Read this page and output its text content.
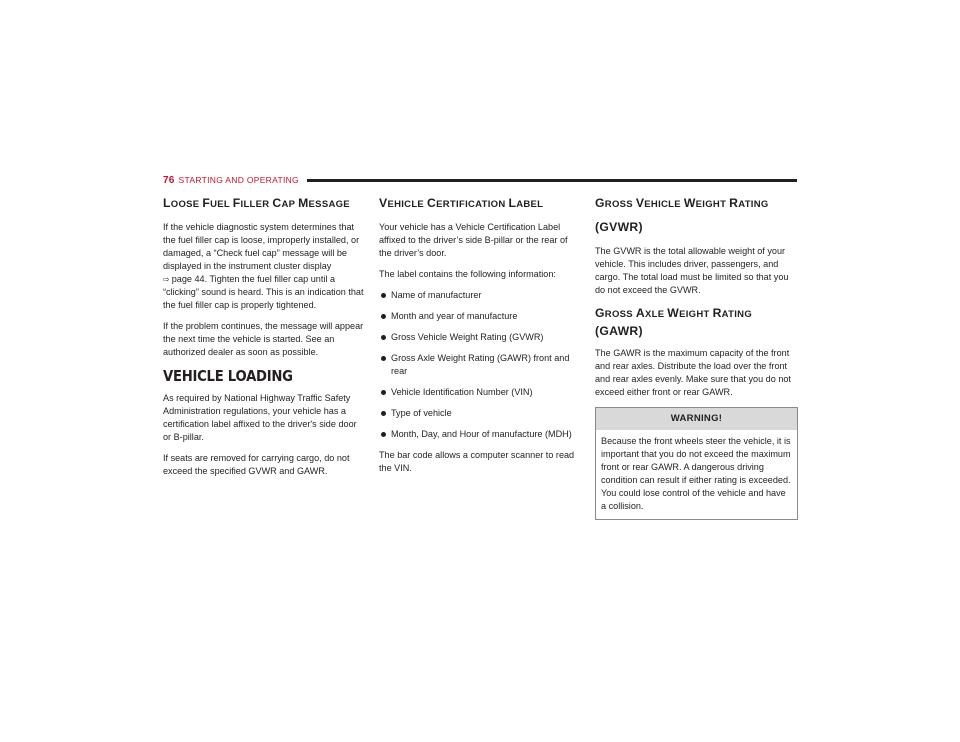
76 STARTING AND OPERATING
LOOSE FUEL FILLER CAP MESSAGE

If the vehicle diagnostic system determines that the fuel filler cap is loose, improperly installed, or damaged, a “Check fuel cap” message will be displayed in the instrument cluster display
⇨ page 44. Tighten the fuel filler cap until a “clicking” sound is heard. This is an indication that the fuel filler cap is properly tightened.

If the problem continues, the message will appear the next time the vehicle is started. See an authorized dealer as soon as possible.

VEHICLE LOADING

As required by National Highway Traffic Safety Administration regulations, your vehicle has a certification label affixed to the driver's side door or B-pillar.

If seats are removed for carrying cargo, do not exceed the specified GVWR and GAWR.

VEHICLE CERTIFICATION LABEL

Your vehicle has a Vehicle Certification Label affixed to the driver’s side B-pillar or the rear of the driver’s door.

The label contains the following information:

Name of manufacturer
Month and year of manufacture
Gross Vehicle Weight Rating (GVWR)
Gross Axle Weight Rating (GAWR) front and rear
Vehicle Identification Number (VIN)
Type of vehicle
Month, Day, and Hour of manufacture (MDH)

The bar code allows a computer scanner to read the VIN.

GROSS VEHICLE WEIGHT RATING
(GVWR)

The GVWR is the total allowable weight of your vehicle. This includes driver, passengers, and cargo. The total load must be limited so that you do not exceed the GVWR.

GROSS AXLE WEIGHT RATING (GAWR)

The GAWR is the maximum capacity of the front and rear axles. Distribute the load over the front and rear axles evenly. Make sure that you do not exceed either front or rear GAWR.

WARNING!

Because the front wheels steer the vehicle, it is important that you do not exceed the maximum front or rear GAWR. A dangerous driving condition can result if either rating is exceeded. You could lose control of the vehicle and have a collision.
